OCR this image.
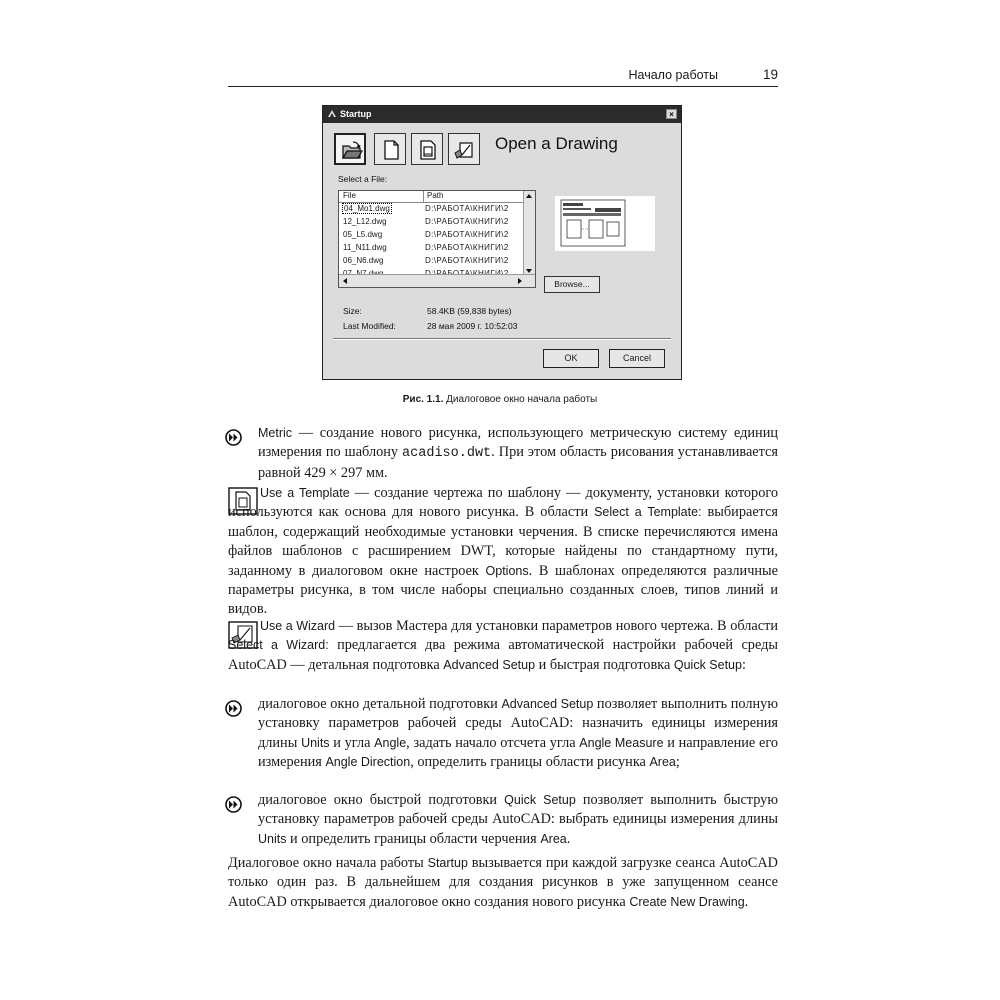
Начало работы	19
Startup	×
Open a Drawing
Select a File:
File	Path
04_Mo1.dwg	D:\РАБОТА\КНИГИ\2
12_L12.dwg	D:\РАБОТА\КНИГИ\2
05_L5.dwg	D:\РАБОТА\КНИГИ\2
11_N11.dwg	D:\РАБОТА\КНИГИ\2
06_N6.dwg	D:\РАБОТА\КНИГИ\2
Browse...
Size:	58.4KB (59,838 bytes)
Last Modified:	28 мая 2009 г. 10:52:03
OK	Cancel
Рис. 1.1. Диалоговое окно начала работы
Metric — создание нового рисунка, использующего метрическую систему единиц измерения по шаблону acadiso.dwt. При этом область рисования устанавливается равной 429 × 297 мм.
Use a Template — создание чертежа по шаблону — документу, установки которого используются как основа для нового рисунка. В области Select a Template: выбирается шаблон, содержащий необходимые установки черчения. В списке перечисляются имена файлов шаблонов с расширением DWT, которые найдены по стандартному пути, заданному в диалоговом окне настроек Options. В шаблонах определяются различные параметры рисунка, в том числе наборы специально созданных слоев, типов линий и видов.
Use a Wizard — вызов Мастера для установки параметров нового чертежа. В области Select a Wizard: предлагается два режима автоматической настройки рабочей среды AutoCAD — детальная подготовка Advanced Setup и быстрая подготовка Quick Setup:
диалоговое окно детальной подготовки Advanced Setup позволяет выполнить полную установку параметров рабочей среды AutoCAD: назначить единицы измерения длины Units и угла Angle, задать начало отсчета угла Angle Measure и направление его измерения Angle Direction, определить границы области рисунка Area;
диалоговое окно быстрой подготовки Quick Setup позволяет выполнить быструю установку параметров рабочей среды AutoCAD: выбрать единицы измерения длины Units и определить границы области черчения Area.
Диалоговое окно начала работы Startup вызывается при каждой загрузке сеанса AutoCAD только один раз. В дальнейшем для создания рисунков в уже запущенном сеансе AutoCAD открывается диалоговое окно создания нового рисунка Create New Drawing.
